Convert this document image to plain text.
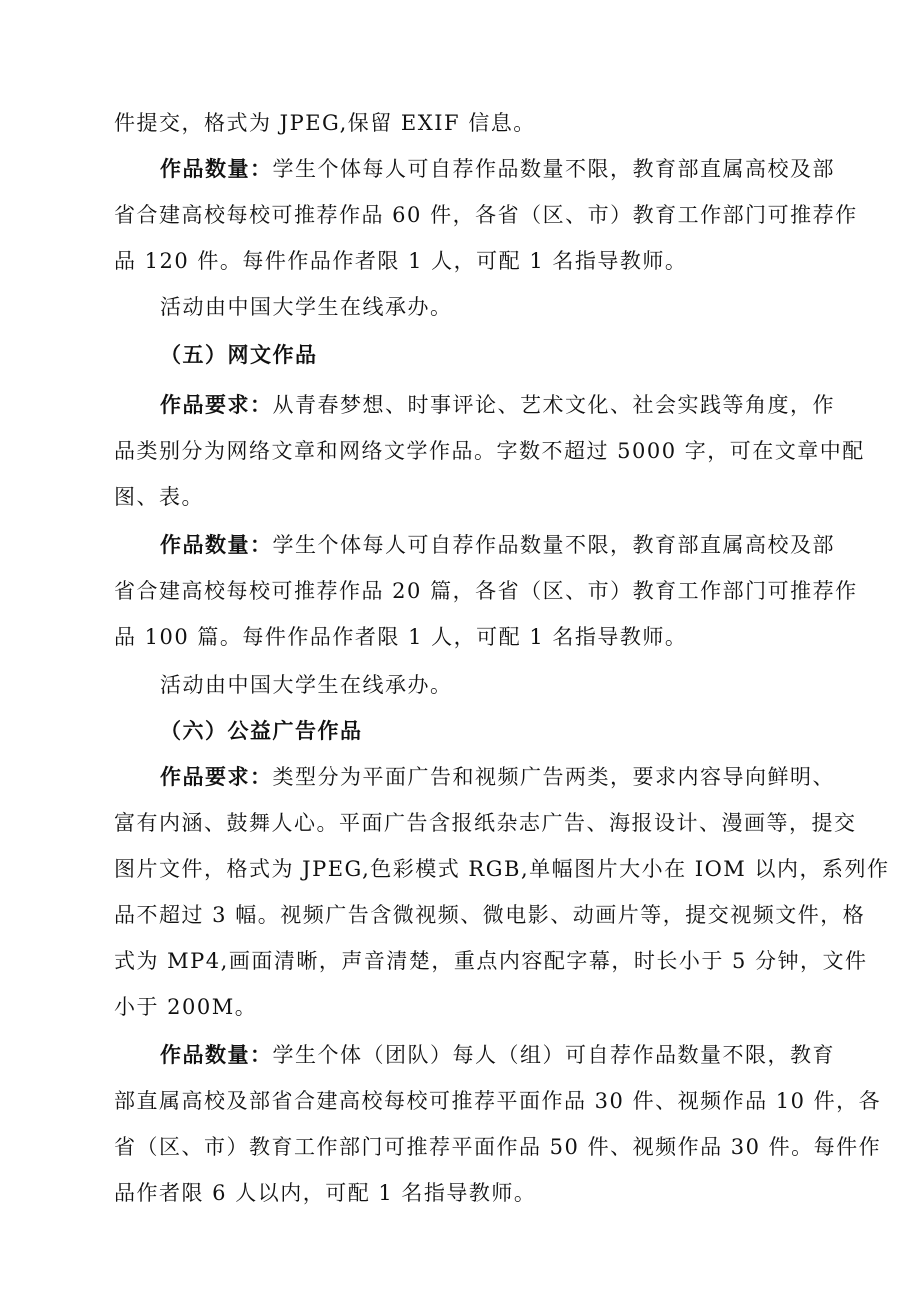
件提交，格式为 JPEG,保留 EXIF 信息。
作品数量：学生个体每人可自荐作品数量不限，教育部直属高校及部
省合建高校每校可推荐作品 60 件，各省（区、市）教育工作部门可推荐作
品 120 件。每件作品作者限 1 人，可配 1 名指导教师。
活动由中国大学生在线承办。
（五）网文作品
作品要求：从青春梦想、时事评论、艺术文化、社会实践等角度，作
品类别分为网络文章和网络文学作品。字数不超过 5000 字，可在文章中配
图、表。
作品数量：学生个体每人可自荐作品数量不限，教育部直属高校及部
省合建高校每校可推荐作品 20 篇，各省（区、市）教育工作部门可推荐作
品 100 篇。每件作品作者限 1 人，可配 1 名指导教师。
活动由中国大学生在线承办。
（六）公益广告作品
作品要求：类型分为平面广告和视频广告两类，要求内容导向鲜明、
富有内涵、鼓舞人心。平面广告含报纸杂志广告、海报设计、漫画等，提交
图片文件，格式为 JPEG,色彩模式 RGB,单幅图片大小在 IOM 以内，系列作
品不超过 3 幅。视频广告含微视频、微电影、动画片等，提交视频文件，格
式为 MP4,画面清晰，声音清楚，重点内容配字幕，时长小于 5 分钟，文件
小于 200M。
作品数量：学生个体（团队）每人（组）可自荐作品数量不限，教育
部直属高校及部省合建高校每校可推荐平面作品 30 件、视频作品 10 件，各
省（区、市）教育工作部门可推荐平面作品 50 件、视频作品 30 件。每件作
品作者限 6 人以内，可配 1 名指导教师。
